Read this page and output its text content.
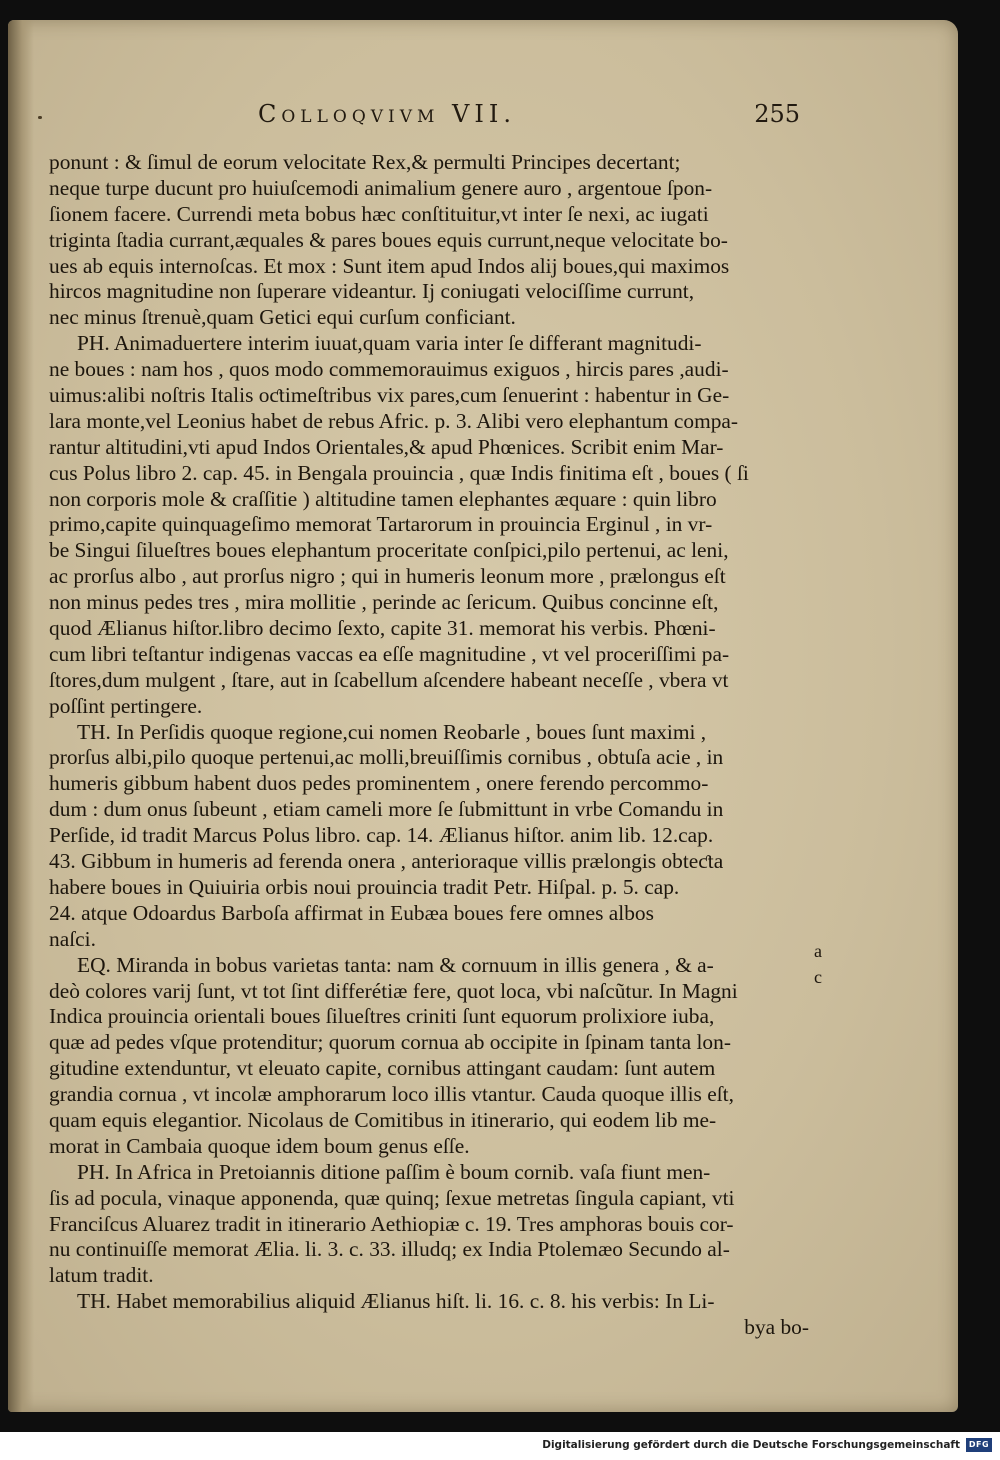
Colloqvivm VII.	255
ponunt : & ſimul de eorum velocitate Rex,& permulti Principes decertant;
neque turpe ducunt pro huiuſcemodi animalium genere auro , argentoue ſpon-
ſionem facere. Currendi meta bobus hæc conſtituitur,vt inter ſe nexi, ac iugati
triginta ſtadia currant,æquales & pares boues equis currunt,neque velocitate bo-
ues ab equis internoſcas. Et mox : Sunt item apud Indos alij boues,qui maximos
hircos magnitudine non ſuperare videantur. Ij coniugati velociſſime currunt,
nec minus ſtrenuè,quam Getici equi curſum conficiant.
PH. Animaduertere interim iuuat,quam varia inter ſe differant magnitudi-
ne boues : nam hos , quos modo commemorauimus exiguos , hircis pares ,audi-
uimus:alibi noſtris Italis oƈtimeſtribus vix pares,cum ſenuerint : habentur in Ge-
lara monte,vel Leonius habet de rebus Afric. p. 3. Alibi vero elephantum compa-
rantur altitudini,vti apud Indos Orientales,& apud Phœnices. Scribit enim Mar-
cus Polus libro 2. cap. 45. in Bengala prouincia , quæ Indis finitima eſt , boues ( ſi
non corporis mole & craſſitie ) altitudine tamen elephantes æquare : quin libro
primo,capite quinquageſimo memorat Tartarorum in prouincia Erginul , in vr-
be Singui ſilueſtres boues elephantum proceritate conſpici,pilo pertenui, ac leni,
ac prorſus albo , aut prorſus nigro ; qui in humeris leonum more , prælongus eſt
non minus pedes tres , mira mollitie , perinde ac ſericum. Quibus concinne eſt,
quod Ælianus hiſtor.libro decimo ſexto, capite 31. memorat his verbis. Phœni-
cum libri teſtantur indigenas vaccas ea eſſe magnitudine , vt vel proceriſſimi pa-
ſtores,dum mulgent , ſtare, aut in ſcabellum aſcendere habeant neceſſe , vbera vt
poſſint pertingere.
TH. In Perſidis quoque regione,cui nomen Reobarle , boues ſunt maximi ,
prorſus albi,pilo quoque pertenui,ac molli,breuiſſimis cornibus , obtuſa acie , in
humeris gibbum habent duos pedes prominentem , onere ferendo percommo-
dum : dum onus ſubeunt , etiam cameli more ſe ſubmittunt in vrbe Comandu in
Perſide, id tradit Marcus Polus libro. cap. 14. Ælianus hiſtor. anim lib. 12.cap.
43. Gibbum in humeris ad ferenda onera , anterioraque villis prælongis obteƈta
habere boues in Quiuiria orbis noui prouincia tradit Petr. Hiſpal. p. 5. cap.
24. atque Odoardus Barboſa affirmat in Eubæa boues fere omnes albos
naſci.
EQ. Miranda in bobus varietas tanta: nam & cornuum in illis genera , & a-
deò colores varij ſunt, vt tot ſint differétiæ fere, quot loca, vbi naſcũtur. In Magni
Indica prouincia orientali boues ſilueſtres criniti ſunt equorum prolixiore iuba,
quæ ad pedes vſque protenditur; quorum cornua ab occipite in ſpinam tanta lon-
gitudine extenduntur, vt eleuato capite, cornibus attingant caudam: ſunt autem
grandia cornua , vt incolæ amphorarum loco illis vtantur. Cauda quoque illis eſt,
quam equis elegantior. Nicolaus de Comitibus in itinerario, qui eodem lib me-
morat in Cambaia quoque idem boum genus eſſe.
PH. In Africa in Pretoiannis ditione paſſim è boum cornib. vaſa fiunt men-
ſis ad pocula, vinaque apponenda, quæ quinq; ſexue metretas ſingula capiant, vti
Franciſcus Aluarez tradit in itinerario Aethiopiæ c. 19. Tres amphoras bouis cor-
nu continuiſſe memorat Ælia. li. 3. c. 33. illudq; ex India Ptolemæo Secundo al-
latum tradit.
TH. Habet memorabilius aliquid Ælianus hiſt. li. 16. c. 8. his verbis: In Li-
bya bo-
a
c
Digitalisierung gefördert durch die Deutsche Forschungsgemeinschaft	DFG
